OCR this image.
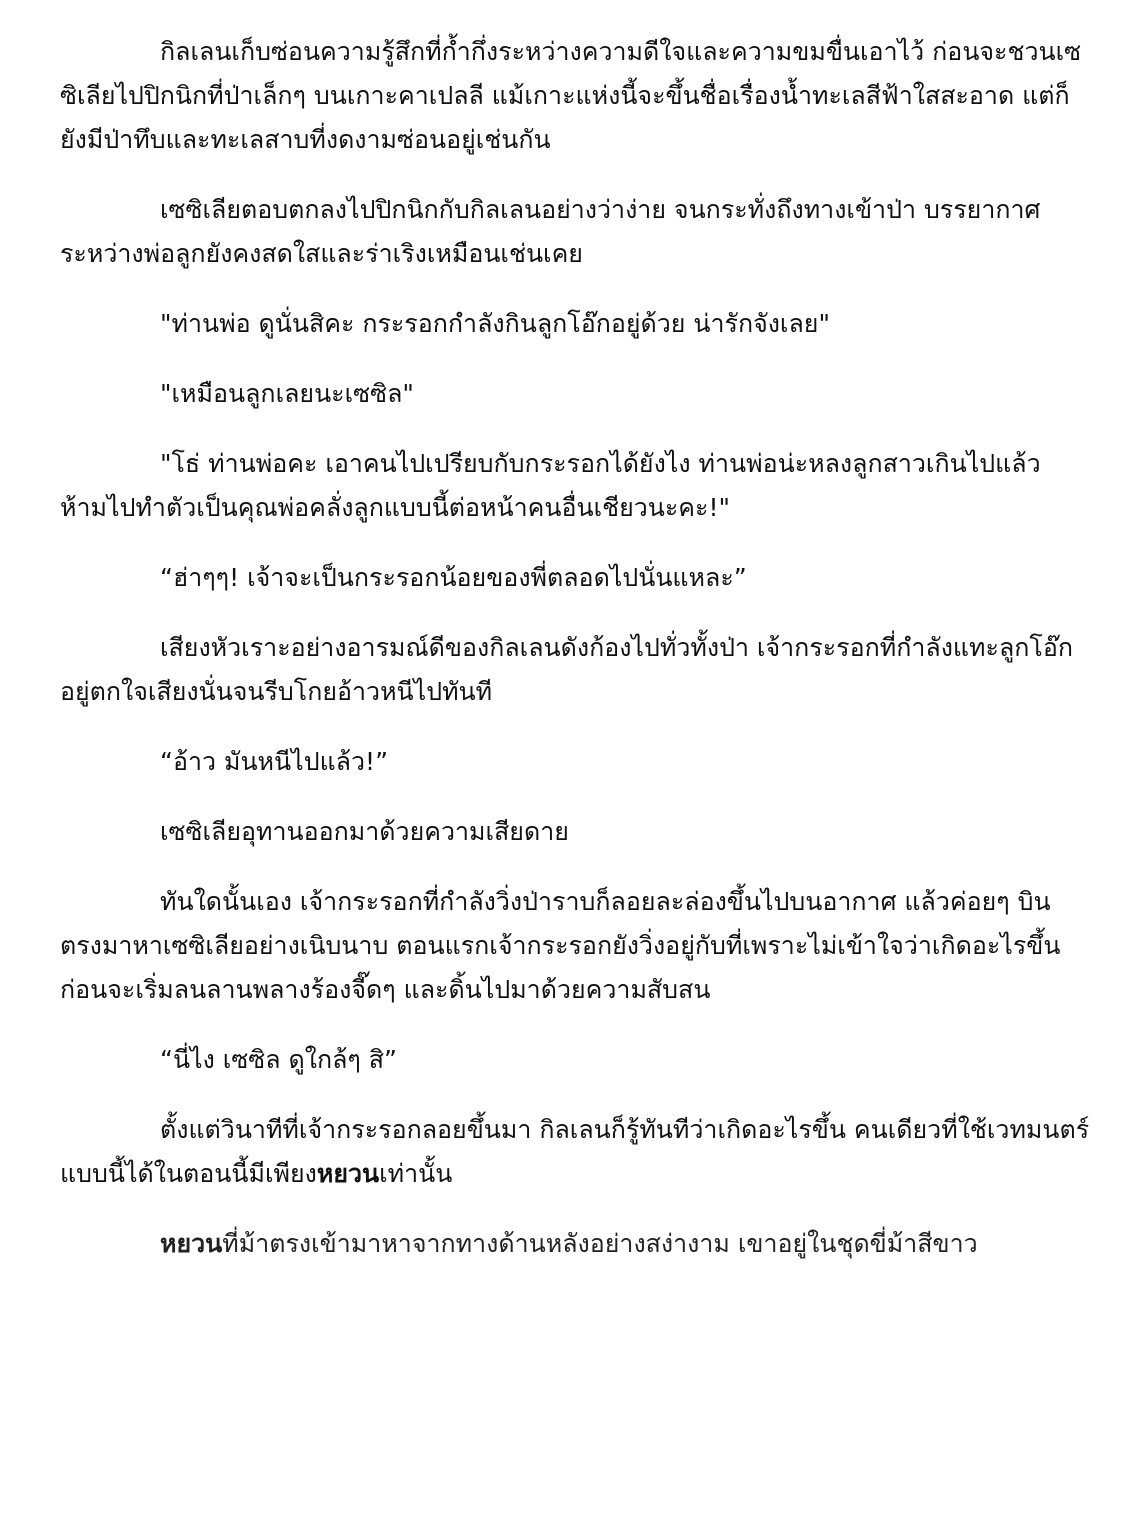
กิลเลนเก็บซ่อนความรู้สึกที่ก้ำกึ่งระหว่างความดีใจและความขมขื่นเอาไว้ ก่อนจะชวนเซซิเลียไปปิกนิกที่ป่าเล็กๆ บนเกาะคาเปลลี แม้เกาะแห่งนี้จะขึ้นชื่อเรื่องน้ำทะเลสีฟ้าใสสะอาด แต่ก็ยังมีป่าทึบและทะเลสาบที่งดงามซ่อนอยู่เช่นกัน

เซซิเลียตอบตกลงไปปิกนิกกับกิลเลนอย่างว่าง่าย จนกระทั่งถึงทางเข้าป่า บรรยากาศระหว่างพ่อลูกยังคงสดใสและร่าเริงเหมือนเช่นเคย

"ท่านพ่อ ดูนั่นสิคะ กระรอกกำลังกินลูกโอ๊กอยู่ด้วย น่ารักจังเลย"

"เหมือนลูกเลยนะเซซิล"

"โธ่ ท่านพ่อคะ เอาคนไปเปรียบกับกระรอกได้ยังไง ท่านพ่อน่ะหลงลูกสาวเกินไปแล้ว ห้ามไปทำตัวเป็นคุณพ่อคลั่งลูกแบบนี้ต่อหน้าคนอื่นเชียวนะคะ!"

“ฮ่าๆๆ! เจ้าจะเป็นกระรอกน้อยของพี่ตลอดไปนั่นแหละ”

เสียงหัวเราะอย่างอารมณ์ดีของกิลเลนดังก้องไปทั่วทั้งป่า เจ้ากระรอกที่กำลังแทะลูกโอ๊กอยู่ตกใจเสียงนั่นจนรีบโกยอ้าวหนีไปทันที

“อ้าว มันหนีไปแล้ว!”

เซซิเลียอุทานออกมาด้วยความเสียดาย

ทันใดนั้นเอง เจ้ากระรอกที่กำลังวิ่งป่าราบก็ลอยละล่องขึ้นไปบนอากาศ แล้วค่อยๆ บินตรงมาหาเซซิเลียอย่างเนิบนาบ ตอนแรกเจ้ากระรอกยังวิ่งอยู่กับที่เพราะไม่เข้าใจว่าเกิดอะไรขึ้น ก่อนจะเริ่มลนลานพลางร้องจี๊ดๆ และดิ้นไปมาด้วยความสับสน

“นี่ไง เซซิล ดูใกล้ๆ สิ”

ตั้งแต่วินาทีที่เจ้ากระรอกลอยขึ้นมา กิลเลนก็รู้ทันทีว่าเกิดอะไรขึ้น คนเดียวที่ใช้เวทมนตร์แบบนี้ได้ในตอนนี้มีเพียงหยวนเท่านั้น

หยวนที่ม้าตรงเข้ามาหาจากทางด้านหลังอย่างสง่างาม เขาอยู่ในชุดขี่ม้าสีขาว
